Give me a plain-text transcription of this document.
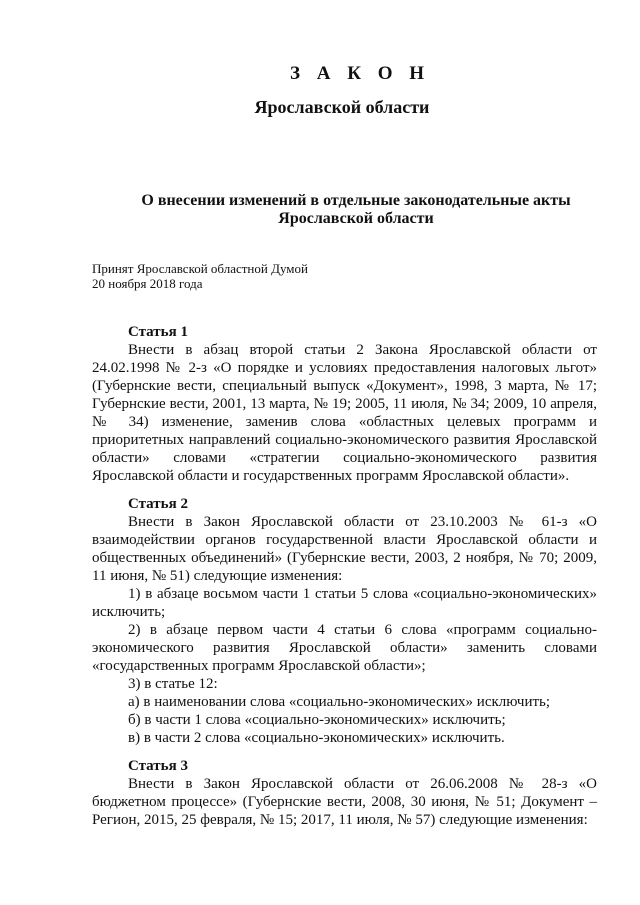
З А К О Н
Ярославской области
О внесении изменений в отдельные законодательные акты
Ярославской области
Принят Ярославской областной Думой
20 ноября 2018 года

Статья 1

Внести в абзац второй статьи 2 Закона Ярославской области от 24.02.1998 № 2-з «О порядке и условиях предоставления налоговых льгот» (Губернские вести, специальный выпуск «Документ», 1998, 3 марта, № 17; Губернские вести, 2001, 13 марта, № 19; 2005, 11 июля, № 34; 2009, 10 апреля, № 34) изменение, заменив слова «областных целевых программ и приоритетных направлений социально-экономического развития Ярославской области» словами «стратегии социально-экономического развития Ярославской области и государственных программ Ярославской области».

Статья 2

Внести в Закон Ярославской области от 23.10.2003 № 61-з «О взаимодействии органов государственной власти Ярославской области и общественных объединений» (Губернские вести, 2003, 2 ноября, № 70; 2009, 11 июня, № 51) следующие изменения:

1) в абзаце восьмом части 1 статьи 5 слова «социально-экономических» исключить;

2) в абзаце первом части 4 статьи 6 слова «программ социально-экономического развития Ярославской области» заменить словами «государственных программ Ярославской области»;

3) в статье 12:

а) в наименовании слова «социально-экономических» исключить;

б) в части 1 слова «социально-экономических» исключить;

в) в части 2 слова «социально-экономических» исключить.

Статья 3

Внести в Закон Ярославской области от 26.06.2008 № 28-з «О бюджетном процессе» (Губернские вести, 2008, 30 июня, № 51; Документ – Регион, 2015, 25 февраля, № 15; 2017, 11 июля, № 57) следующие изменения:
